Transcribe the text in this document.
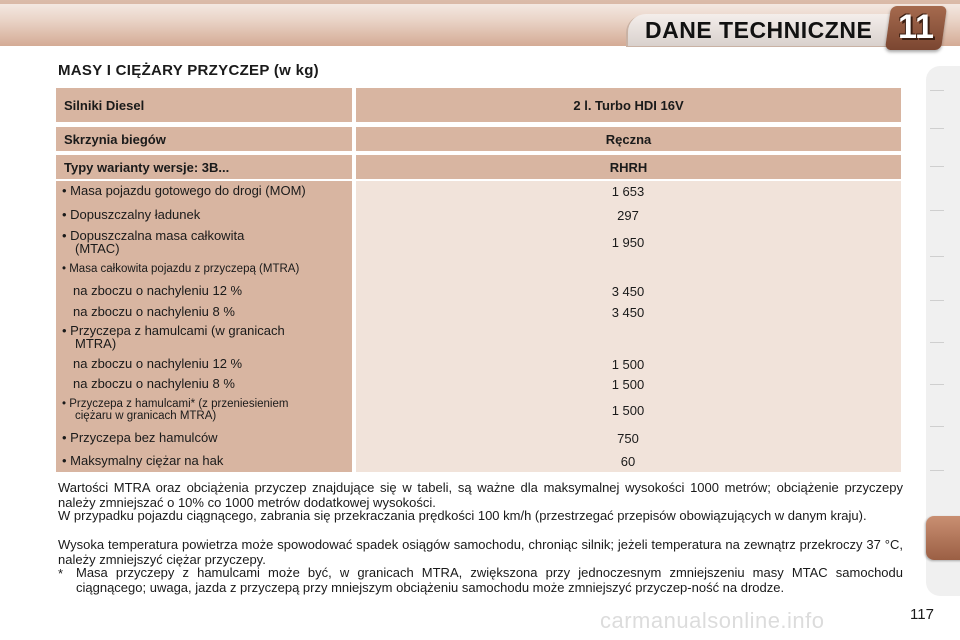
DANE TECHNICZNE 11
MASY I CIĘŻARY PRZYCZEP (w kg)
Silniki Diesel	2 l. Turbo HDI 16V
Skrzynia biegów	Ręczna
Typy warianty wersje: 3B...	RHRH
• Masa pojazdu gotowego do drogi (MOM)	1 653
• Dopuszczalny ładunek	297
• Dopuszczalna masa całkowita
(MTAC)	1 950
• Masa całkowita pojazdu z przyczepą (MTRA)
na zboczu o nachyleniu 12 %	3 450
na zboczu o nachyleniu 8 %	3 450
• Przyczepa z hamulcami (w granicach
MTRA)
na zboczu o nachyleniu 12 %	1 500
na zboczu o nachyleniu 8 %	1 500
• Przyczepa z hamulcami* (z przeniesieniem
ciężaru w granicach MTRA)	1 500
• Przyczepa bez hamulców	750
• Maksymalny ciężar na hak	60
Wartości MTRA oraz obciążenia przyczep znajdujące się w tabeli, są ważne dla maksymalnej wysokości 1000 metrów; obciążenie przyczepy należy zmniejszać o 10% co 1000 metrów dodatkowej wysokości.
W przypadku pojazdu ciągnącego, zabrania się przekraczania prędkości 100 km/h (przestrzegać przepisów obowiązujących w danym kraju).
Wysoka temperatura powietrza może spowodować spadek osiągów samochodu, chroniąc silnik; jeżeli temperatura na zewnątrz przekroczy 37 °C, należy zmniejszyć ciężar przyczepy.
* Masa przyczepy z hamulcami może być, w granicach MTRA, zwiększona przy jednoczesnym zmniejszeniu masy MTAC samochodu ciągnącego; uwaga, jazda z przyczepą przy mniejszym obciążeniu samochodu może zmniejszyć przyczep-ność na drodze.
carmanualsonline.info	117
